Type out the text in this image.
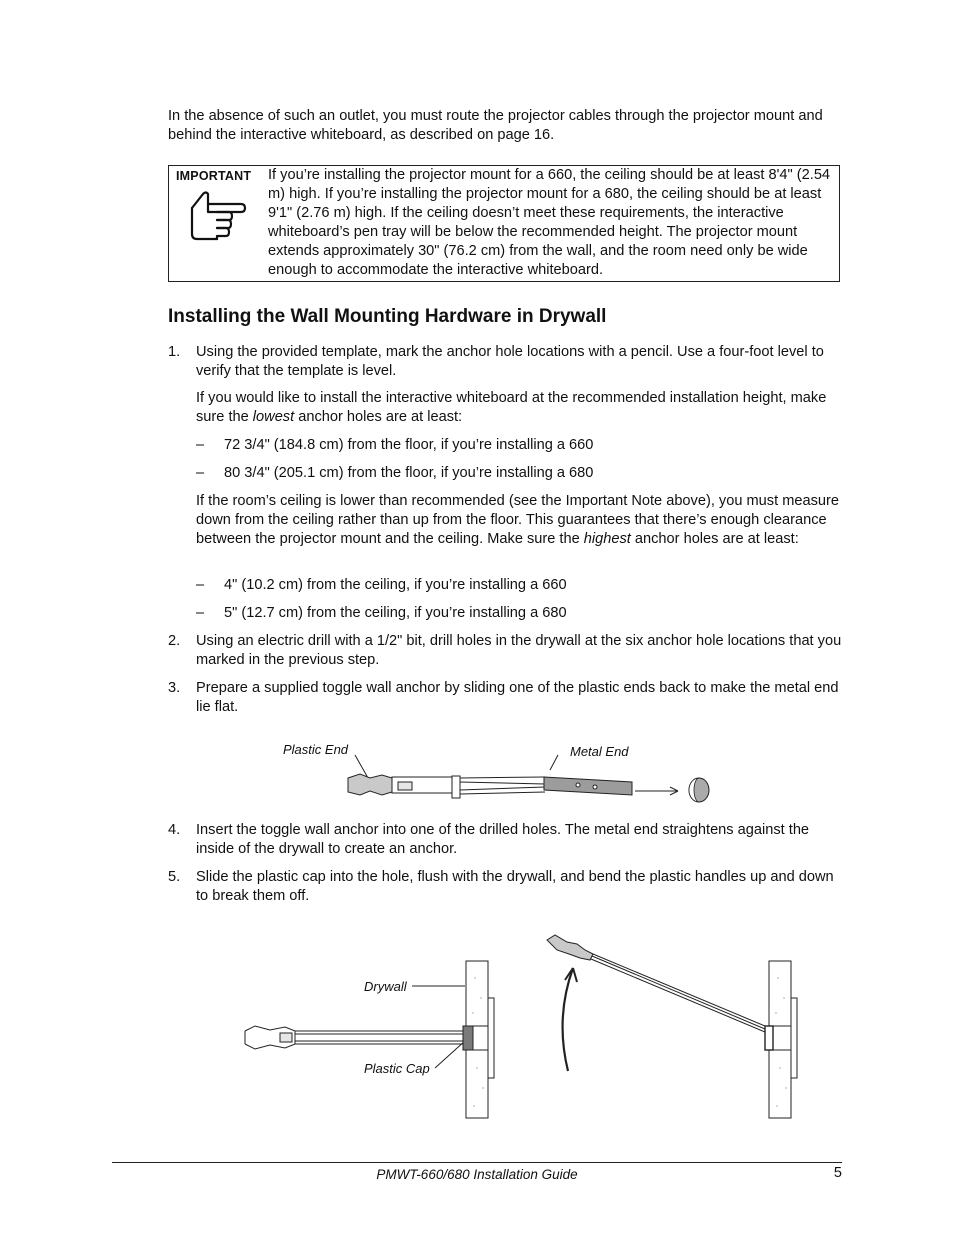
In the absence of such an outlet, you must route the projector cables through the projector mount and behind the interactive whiteboard, as described on page 16.

IMPORTANT If you’re installing the projector mount for a 660, the ceiling should be at least 8'4" (2.54 m) high. If you’re installing the projector mount for a 680, the ceiling should be at least 9'1" (2.76 m) high. If the ceiling doesn’t meet these requirements, the interactive whiteboard’s pen tray will be below the recommended height. The projector mount extends approximately 30" (76.2 cm) from the wall, and the room need only be wide enough to accommodate the interactive whiteboard.

Installing the Wall Mounting Hardware in Drywall
1. Using the provided template, mark the anchor hole locations with a pencil. Use a four-foot level to verify that the template is level.

If you would like to install the interactive whiteboard at the recommended installation height, make sure the lowest anchor holes are at least:

– 72 3/4" (184.8 cm) from the floor, if you’re installing a 660
– 80 3/4" (205.1 cm) from the floor, if you’re installing a 680

If the room’s ceiling is lower than recommended (see the Important Note above), you must measure down from the ceiling rather than up from the floor. This guarantees that there’s enough clearance between the projector mount and the ceiling. Make sure the highest anchor holes are at least:

– 4" (10.2 cm) from the ceiling, if you’re installing a 660
– 5" (12.7 cm) from the ceiling, if you’re installing a 680
2. Using an electric drill with a 1/2" bit, drill holes in the drywall at the six anchor hole locations that you marked in the previous step.

3. Prepare a supplied toggle wall anchor by sliding one of the plastic ends back to make the metal end lie flat.

Plastic End	Metal End
4. Insert the toggle wall anchor into one of the drilled holes. The metal end straightens against the inside of the drywall to create an anchor.

5. Slide the plastic cap into the hole, flush with the drywall, and bend the plastic handles up and down to break them off.

Drywall
Plastic Cap
PMWT-660/680 Installation Guide	5
